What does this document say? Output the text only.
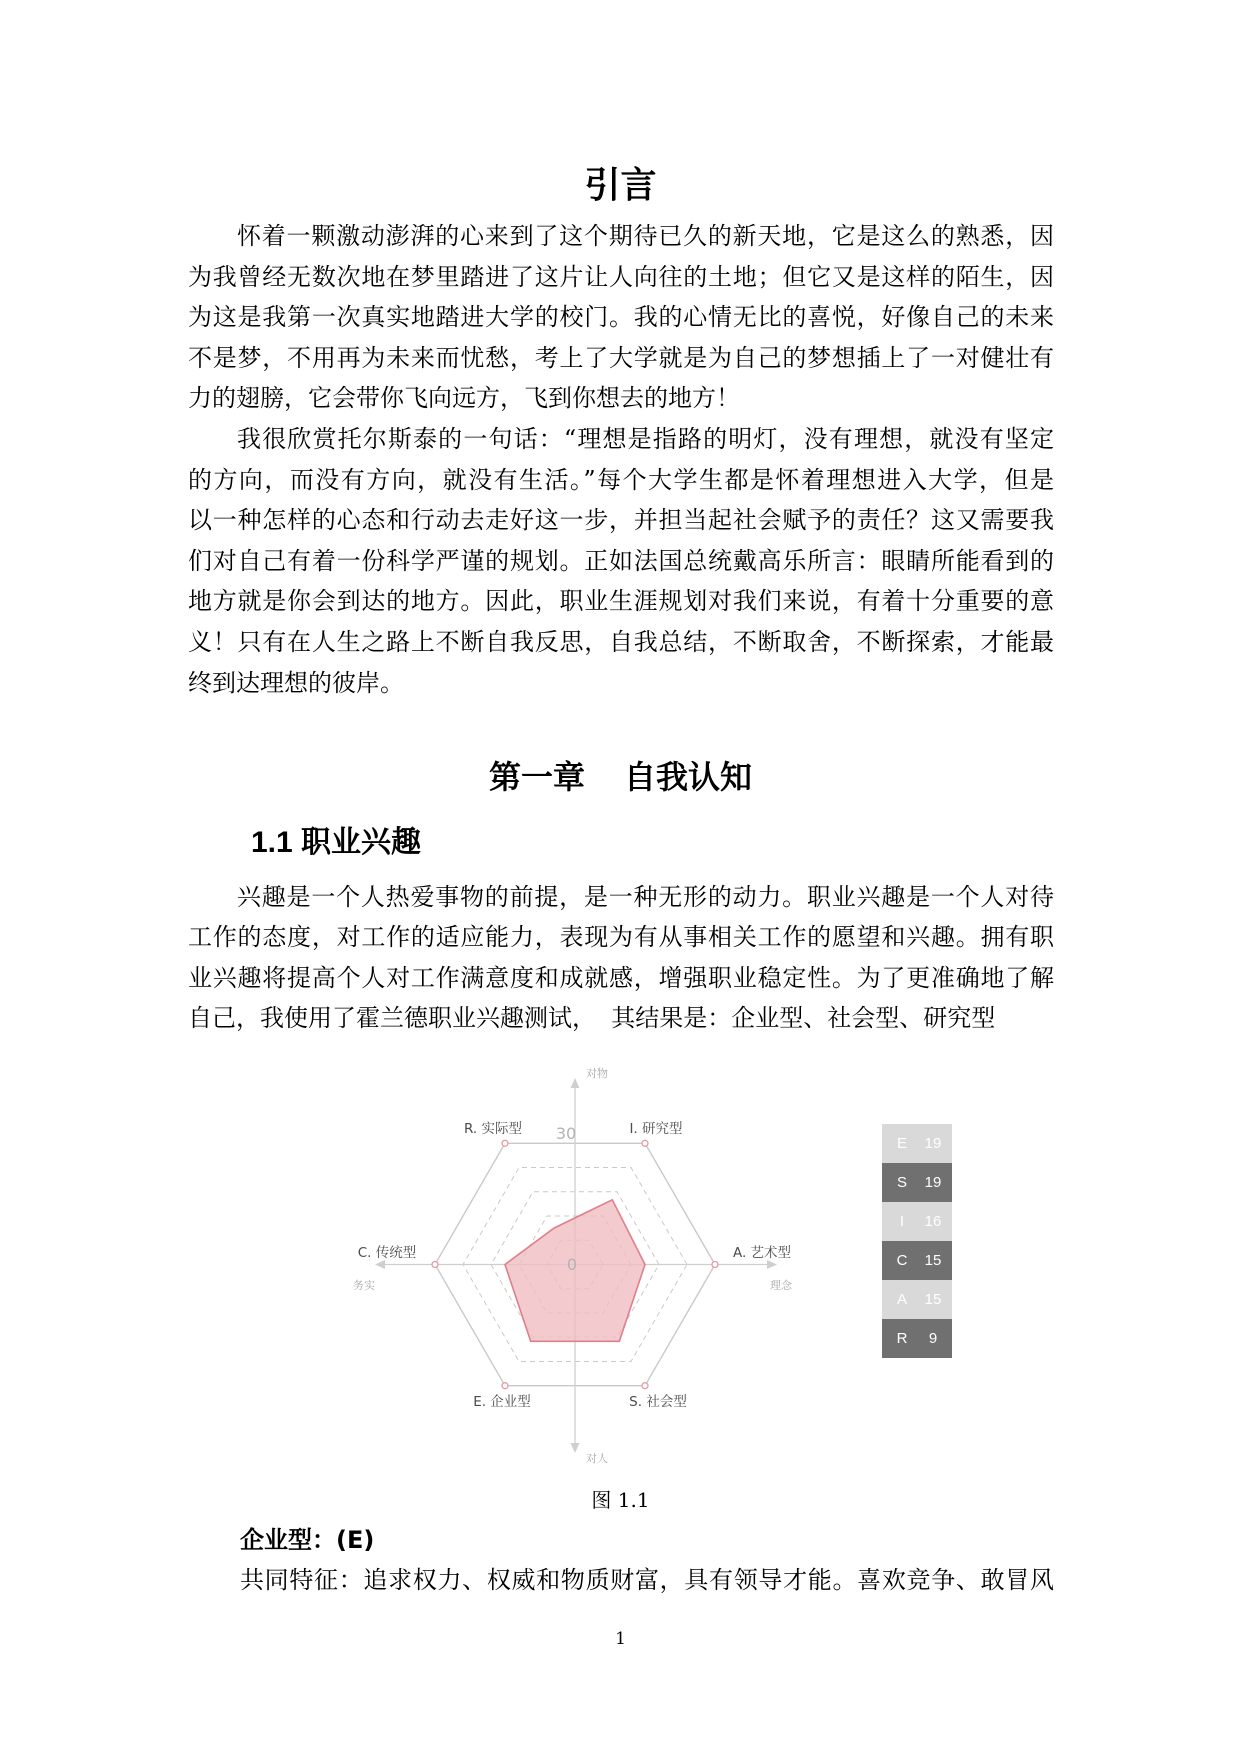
引言
怀着一颗激动澎湃的心来到了这个期待已久的新天地，它是这么的熟悉，因
为我曾经无数次地在梦里踏进了这片让人向往的土地；但它又是这样的陌生，因
为这是我第一次真实地踏进大学的校门。我的心情无比的喜悦，好像自己的未来
不是梦，不用再为未来而忧愁，考上了大学就是为自己的梦想插上了一对健壮有
力的翅膀，它会带你飞向远方，飞到你想去的地方！
我很欣赏托尔斯泰的一句话：“理想是指路的明灯，没有理想，就没有坚定
的方向，而没有方向，就没有生活。”每个大学生都是怀着理想进入大学，但是
以一种怎样的心态和行动去走好这一步，并担当起社会赋予的责任？这又需要我
们对自己有着一份科学严谨的规划。正如法国总统戴高乐所言：眼睛所能看到的
地方就是你会到达的地方。因此，职业生涯规划对我们来说，有着十分重要的意
义！只有在人生之路上不断自我反思，自我总结，不断取舍，不断探索，才能最
终到达理想的彼岸。
第一章 自我认知
1.1 职业兴趣
兴趣是一个人热爱事物的前提，是一种无形的动力。职业兴趣是一个人对待
工作的态度，对工作的适应能力，表现为有从事相关工作的愿望和兴趣。拥有职
业兴趣将提高个人对工作满意度和成就感，增强职业稳定性。为了更准确地了解
自己，我使用了霍兰德职业兴趣测试，  其结果是：企业型、社会型、研究型
30
0
A. 艺术型
I. 研究型
R. 实际型
C. 传统型
E. 企业型	S. 社会型
对物
对人
务实	理念
E 19
S 19
I	16
C 15
A 15
R	9
图 1.1
企业型：(E)
共同特征：追求权力、权威和物质财富，具有领导才能。喜欢竞争、敢冒风
1
